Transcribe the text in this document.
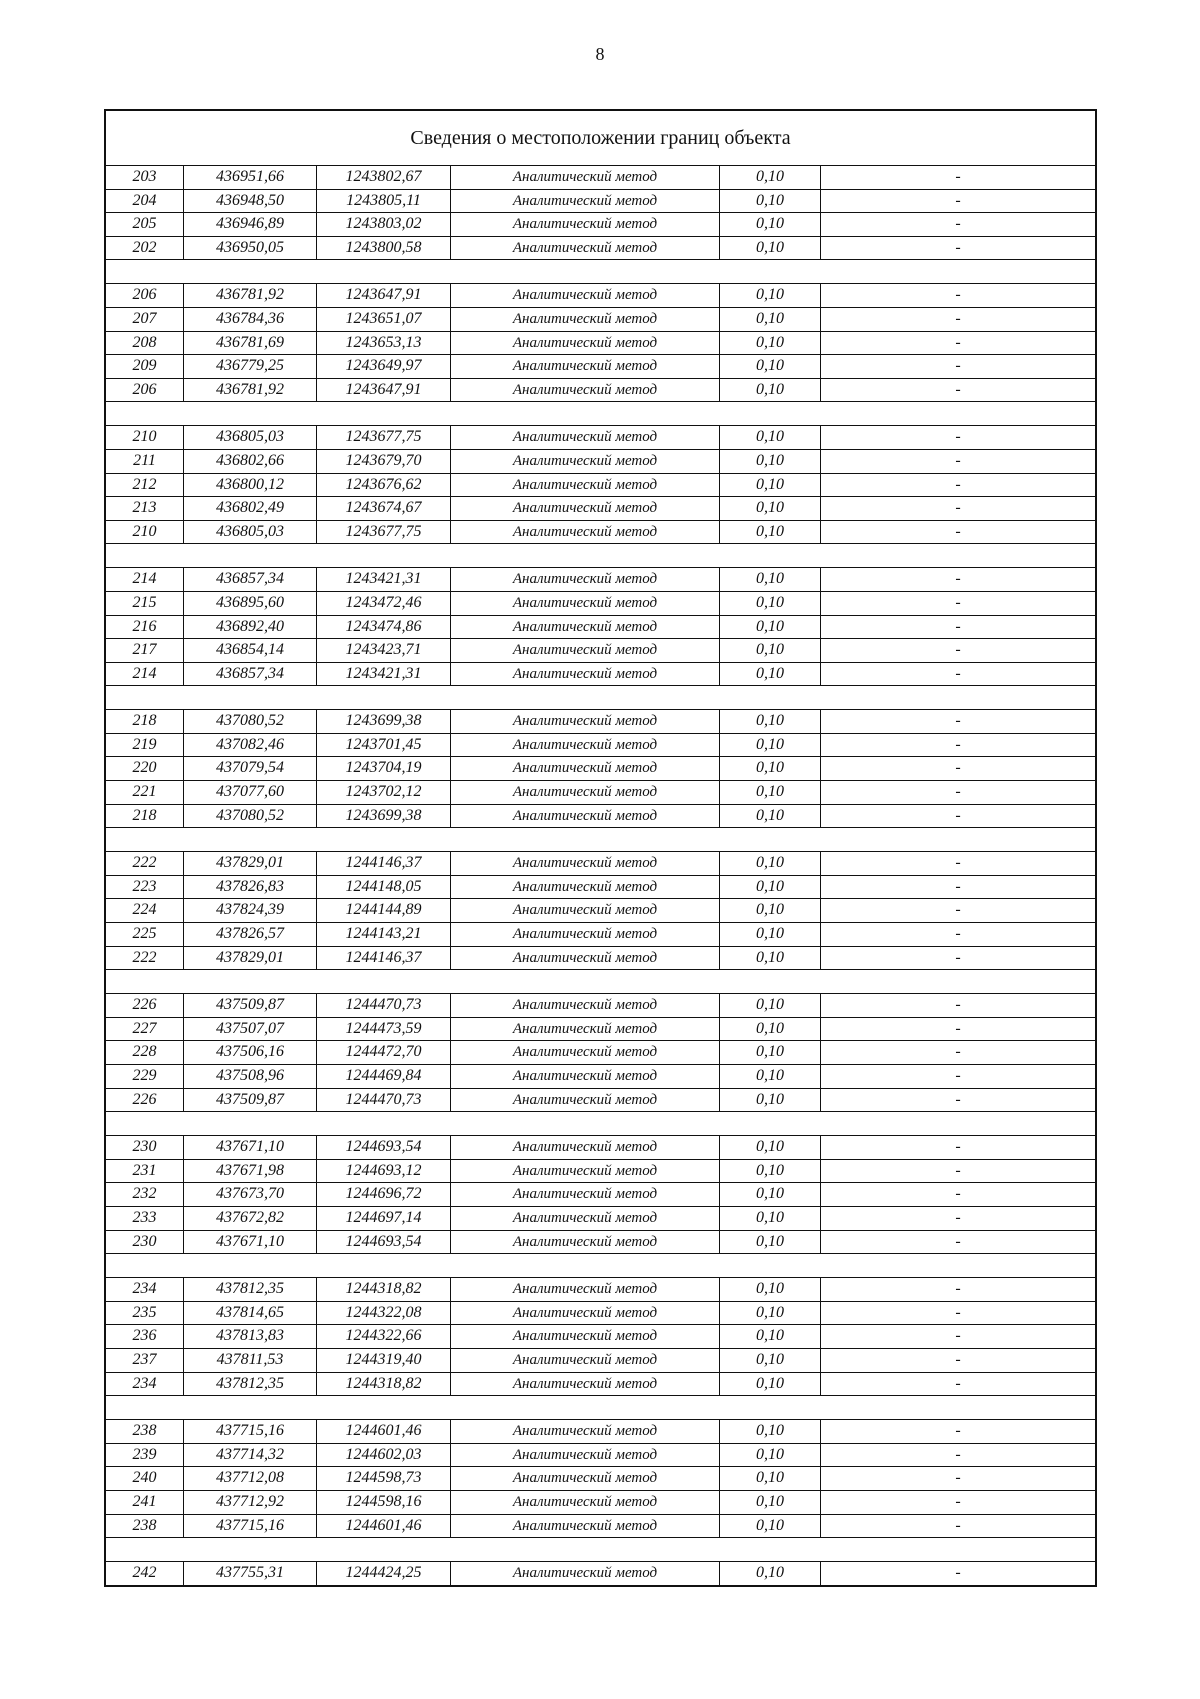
8
Сведения о местоположении границ объекта
203	436951,66	1243802,67	Аналитический метод	0,10	-
204	436948,50	1243805,11	Аналитический метод	0,10	-
205	436946,89	1243803,02	Аналитический метод	0,10	-
202	436950,05	1243800,58	Аналитический метод	0,10	-
206	436781,92	1243647,91	Аналитический метод	0,10	-
207	436784,36	1243651,07	Аналитический метод	0,10	-
208	436781,69	1243653,13	Аналитический метод	0,10	-
209	436779,25	1243649,97	Аналитический метод	0,10	-
206	436781,92	1243647,91	Аналитический метод	0,10	-
210	436805,03	1243677,75	Аналитический метод	0,10	-
211	436802,66	1243679,70	Аналитический метод	0,10	-
212	436800,12	1243676,62	Аналитический метод	0,10	-
213	436802,49	1243674,67	Аналитический метод	0,10	-
210	436805,03	1243677,75	Аналитический метод	0,10	-
214	436857,34	1243421,31	Аналитический метод	0,10	-
215	436895,60	1243472,46	Аналитический метод	0,10	-
216	436892,40	1243474,86	Аналитический метод	0,10	-
217	436854,14	1243423,71	Аналитический метод	0,10	-
214	436857,34	1243421,31	Аналитический метод	0,10	-
218	437080,52	1243699,38	Аналитический метод	0,10	-
219	437082,46	1243701,45	Аналитический метод	0,10	-
220	437079,54	1243704,19	Аналитический метод	0,10	-
221	437077,60	1243702,12	Аналитический метод	0,10	-
218	437080,52	1243699,38	Аналитический метод	0,10	-
222	437829,01	1244146,37	Аналитический метод	0,10	-
223	437826,83	1244148,05	Аналитический метод	0,10	-
224	437824,39	1244144,89	Аналитический метод	0,10	-
225	437826,57	1244143,21	Аналитический метод	0,10	-
222	437829,01	1244146,37	Аналитический метод	0,10	-
226	437509,87	1244470,73	Аналитический метод	0,10	-
227	437507,07	1244473,59	Аналитический метод	0,10	-
228	437506,16	1244472,70	Аналитический метод	0,10	-
229	437508,96	1244469,84	Аналитический метод	0,10	-
226	437509,87	1244470,73	Аналитический метод	0,10	-
230	437671,10	1244693,54	Аналитический метод	0,10	-
231	437671,98	1244693,12	Аналитический метод	0,10	-
232	437673,70	1244696,72	Аналитический метод	0,10	-
233	437672,82	1244697,14	Аналитический метод	0,10	-
230	437671,10	1244693,54	Аналитический метод	0,10	-
234	437812,35	1244318,82	Аналитический метод	0,10	-
235	437814,65	1244322,08	Аналитический метод	0,10	-
236	437813,83	1244322,66	Аналитический метод	0,10	-
237	437811,53	1244319,40	Аналитический метод	0,10	-
234	437812,35	1244318,82	Аналитический метод	0,10	-
238	437715,16	1244601,46	Аналитический метод	0,10	-
239	437714,32	1244602,03	Аналитический метод	0,10	-
240	437712,08	1244598,73	Аналитический метод	0,10	-
241	437712,92	1244598,16	Аналитический метод	0,10	-
238	437715,16	1244601,46	Аналитический метод	0,10	-
242	437755,31	1244424,25	Аналитический метод	0,10	-
